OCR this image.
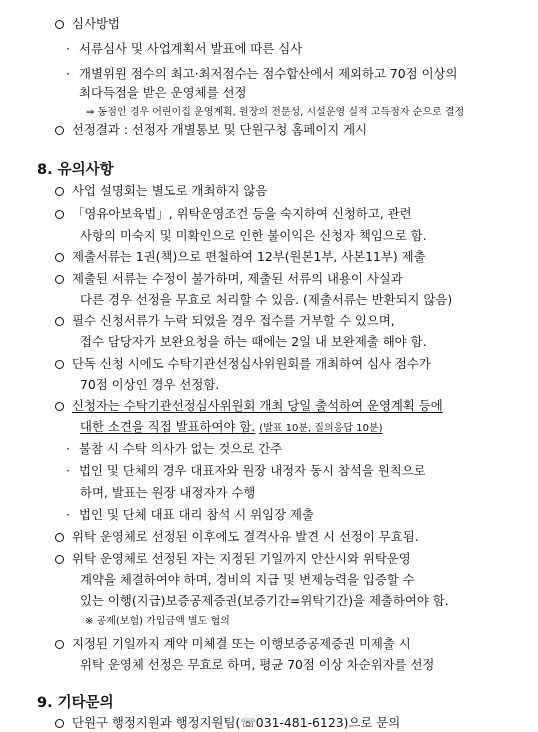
심사방법
· 서류심사 및 사업계획서 발표에 따른 심사
· 개별위원 점수의 최고·최저점수는 점수합산에서 제외하고 70점 이상의
최다득점을 받은 운영체를 선정
⇒ 동점인 경우 어린이집 운영계획, 원장의 전문성, 시설운영 실적 고득점자 순으로 결정
선정결과 : 선정자 개별통보 및 단원구청 홈페이지 게시
8. 유의사항
사업 설명회는 별도로 개최하지 않음
「영유아보육법」, 위탁운영조건 등을 숙지하여 신청하고, 관련
사항의 미숙지 및 미확인으로 인한 불이익은 신청자 책임으로 함.
제출서류는 1권(책)으로 편철하여 12부(원본1부, 사본11부) 제출
제출된 서류는 수정이 불가하며, 제출된 서류의 내용이 사실과
다른 경우 선정을 무효로 처리할 수 있음. (제출서류는 반환되지 않음)
필수 신청서류가 누락 되었을 경우 접수를 거부할 수 있으며,
접수 담당자가 보완요청을 하는 때에는 2일 내 보완제출 해야 함.
단독 신청 시에도 수탁기관선정심사위원회를 개최하여 심사 점수가
70점 이상인 경우 선정함.
신청자는 수탁기관선정심사위원회 개최 당일 출석하여 운영계획 등에
대한 소견을 직접 발표하여야 함. (발표 10분, 질의응답 10분)
· 불참 시 수탁 의사가 없는 것으로 간주
· 법인 및 단체의 경우 대표자와 원장 내정자 동시 참석을 원칙으로
하며, 발표는 원장 내정자가 수행
· 법인 및 단체 대표 대리 참석 시 위임장 제출
위탁 운영체로 선정된 이후에도 결격사유 발견 시 선정이 무효됨.
위탁 운영체로 선정된 자는 지정된 기일까지 안산시와 위탁운영
계약을 체결하여야 하며, 경비의 지급 및 변제능력을 입증할 수
있는 이행(지급)보증공제증권(보증기간=위탁기간)을 제출하여야 함.
※ 공제(보험) 가입금액 별도 협의
지정된 기일까지 계약 미체결 또는 이행보증공제증권 미제출 시
위탁 운영체 선정은 무효로 하며, 평균 70점 이상 차순위자를 선정
9. 기타문의
단원구 행정지원과 행정지원팀(☏031-481-6123)으로 문의
